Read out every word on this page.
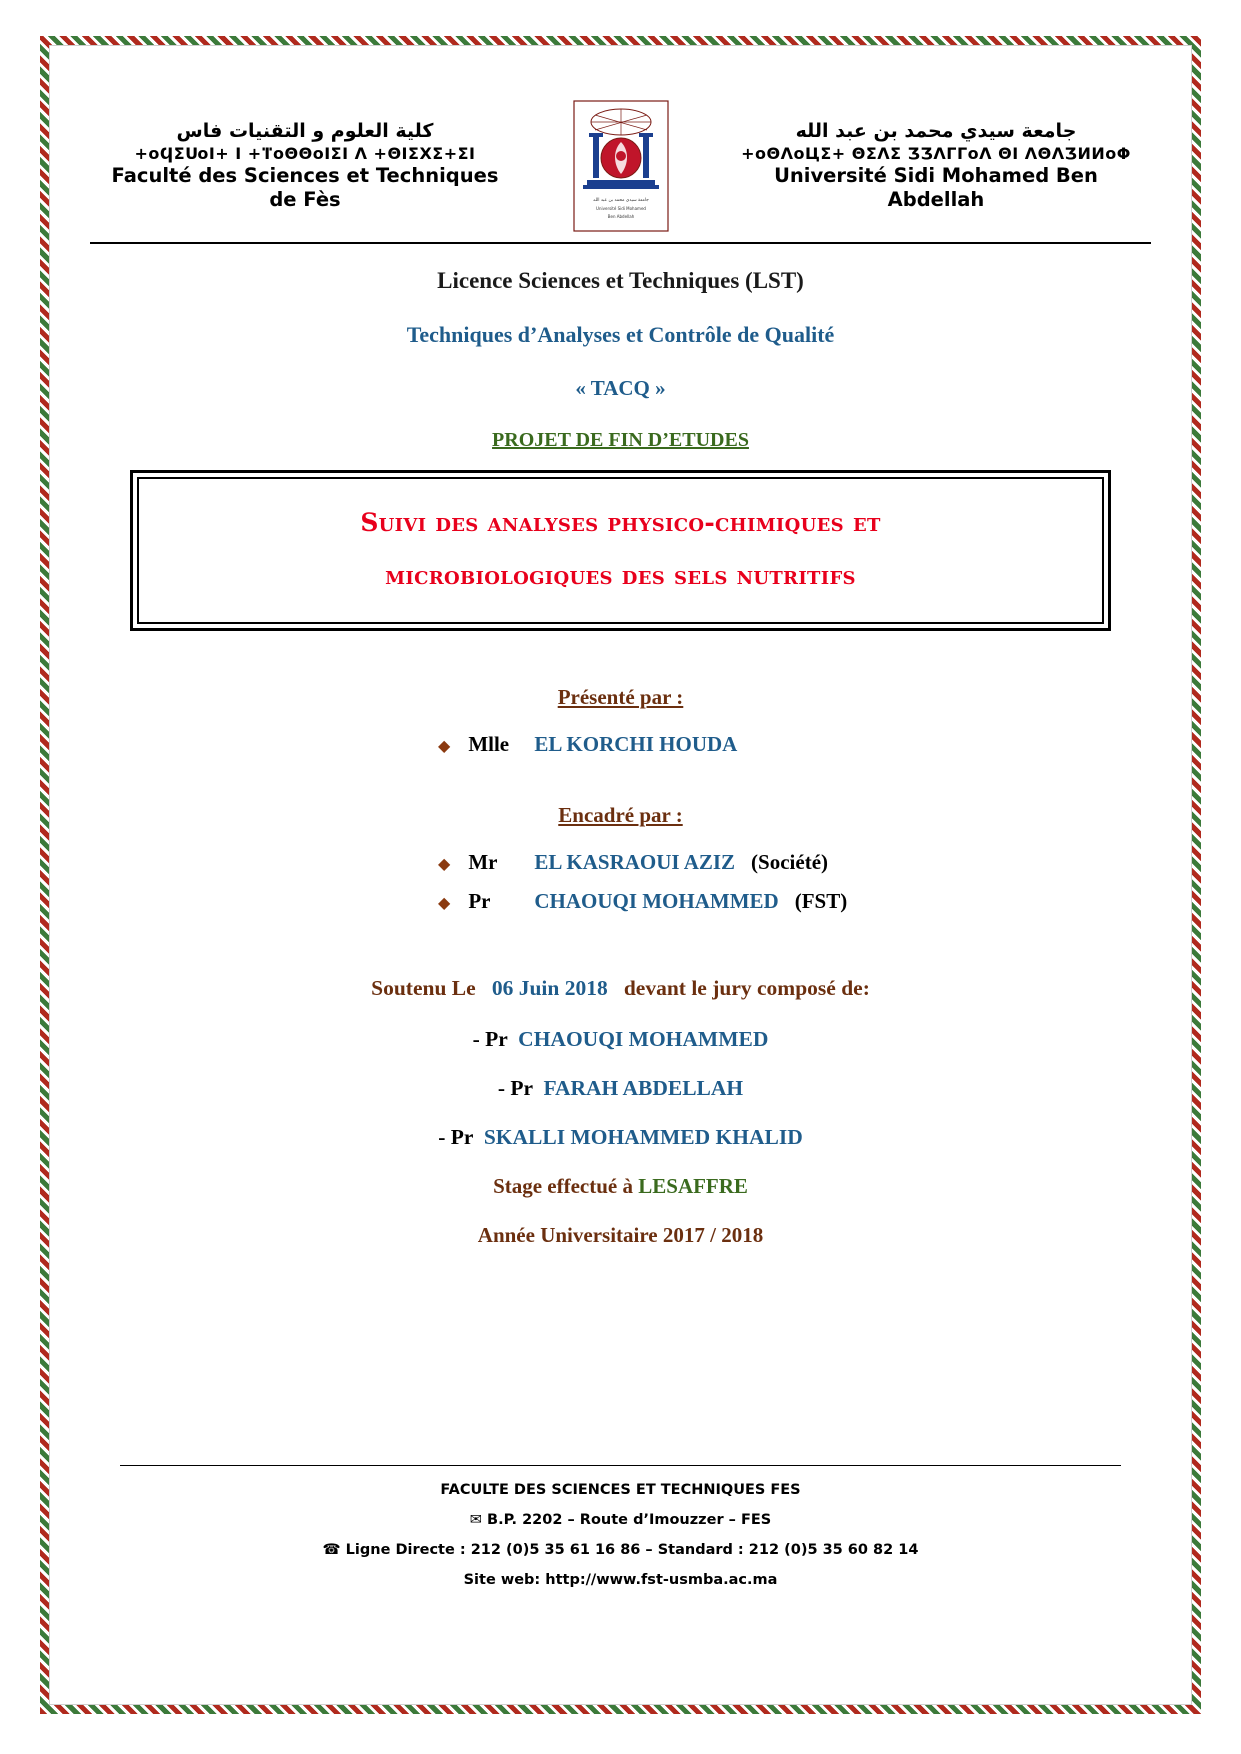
كلية العلوم و التقنيات فاس
+oϤƩՍoI+ I +ⴶoΘΘoΙƩΙ Λ +ΘΙƩΧƩ+ƩΙ
Faculté des Sciences et Techniques de Fès	جامعة سيدي محمد بن عبد الله
Université Sidi Mohamed
Ben Abdellah
جامعة سيدي محمد بن عبد الله
+oΘΛoЦƩ+ ΘƩΛƩ ƷƷΛΓΓoΛ ΘΙ ΛΘΛƷИИoΦ
Université Sidi Mohamed Ben Abdellah
Licence Sciences et Techniques (LST)
Techniques d’Analyses et Contrôle de Qualité
« TACQ »
PROJET DE FIN D’ETUDES
Suivi des analyses physico-chimiques et
microbiologiques des sels nutritifs
Présenté par :
◆ Mlle	EL KORCHI HOUDA
Encadré par :
◆ Mr	EL KASRAOUI AZIZ (Société)
◆ Pr	CHAOUQI MOHAMMED (FST)
Soutenu Le 06 Juin 2018 devant le jury composé de:
- Pr CHAOUQI MOHAMMED
- Pr FARAH ABDELLAH
- Pr SKALLI MOHAMMED KHALID
Stage effectué à LESAFFRE
Année Universitaire 2017 / 2018
FACULTE DES SCIENCES ET TECHNIQUES FES
✉ B.P. 2202 – Route d’Imouzzer – FES
☎ Ligne Directe : 212 (0)5 35 61 16 86 – Standard : 212 (0)5 35 60 82 14
Site web: http://www.fst-usmba.ac.ma
